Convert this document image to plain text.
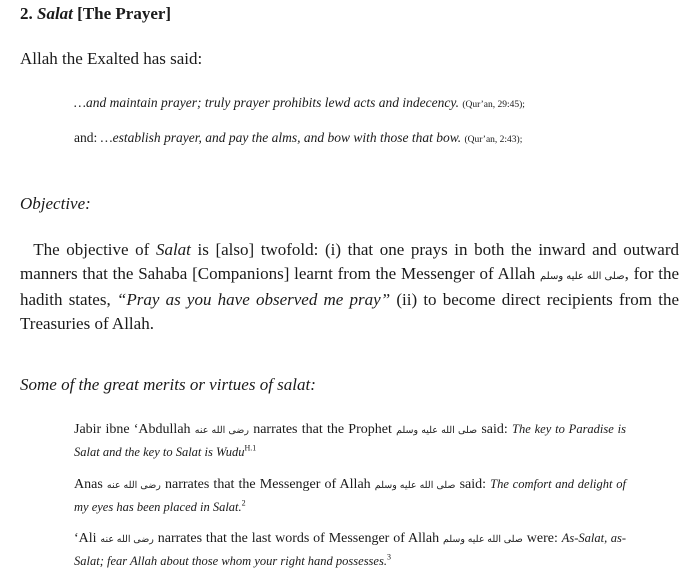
2. Salat [The Prayer]

Allah the Exalted has said:

…and maintain prayer; truly prayer prohibits lewd acts and indecency. (Qur’an, 29:45);
and: …establish prayer, and pay the alms, and bow with those that bow. (Qur’an, 2:43);

Objective:

The objective of Salat is [also] twofold: (i) that one prays in both the inward and outward manners that the Sahaba [Companions] learnt from the Messenger of Allah صلى الله عليه وسلم, for the hadith states, “Pray as you have observed me pray” (ii) to become direct recipients from the Treasuries of Allah.

Some of the great merits or virtues of salat:

Jabir ibne ‘Abdullah رضى الله عنه narrates that the Prophet صلى الله عليه وسلم said: The key to Paradise is Salat and the key to Salat is Wudu$^{H.1}$

Anas رضى الله عنه narrates that the Messenger of Allah صلى الله عليه وسلم said: The comfort and delight of my eyes has been placed in Salat.$^2$

‘Ali رضى الله عنه narrates that the last words of Messenger of Allah صلى الله عليه وسلم were: As-Salat, as-Salat; fear Allah about those whom your right hand possesses.$^3$
